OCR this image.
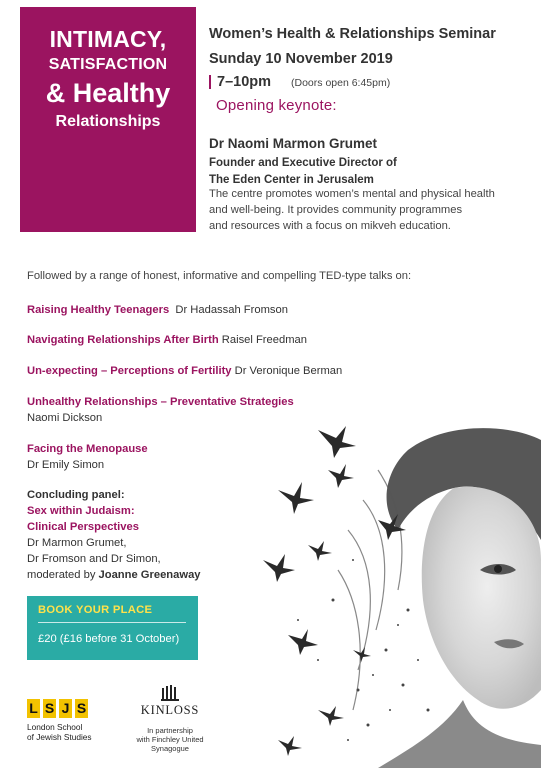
INTIMACY,
SATISFACTION
& Healthy
Relationships
Women’s Health & Relationships Seminar
Sunday 10 November 2019
7–10pm (Doors open 6:45pm)
Opening keynote:
Dr Naomi Marmon Grumet
Founder and Executive Director of
The Eden Center in Jerusalem
The centre promotes women’s mental and physical health
and well-being. It provides community programmes
and resources with a focus on mikveh education.
Followed by a range of honest, informative and compelling TED-type talks on:
Raising Healthy Teenagers Dr Hadassah Fromson
Navigating Relationships After Birth Raisel Freedman
Un-expecting – Perceptions of Fertility Dr Veronique Berman
Unhealthy Relationships – Preventative Strategies
Naomi Dickson
Facing the Menopause
Dr Emily Simon
Concluding panel:
Sex within Judaism:
Clinical Perspectives
Dr Marmon Grumet,
Dr Fromson and Dr Simon,
moderated by Joanne Greenaway
BOOK YOUR PLACE
£20 (£16 before 31 October)
L S J S
London School
of Jewish Studies
KINLOSS
In partnership
with Finchley United
Synagogue
